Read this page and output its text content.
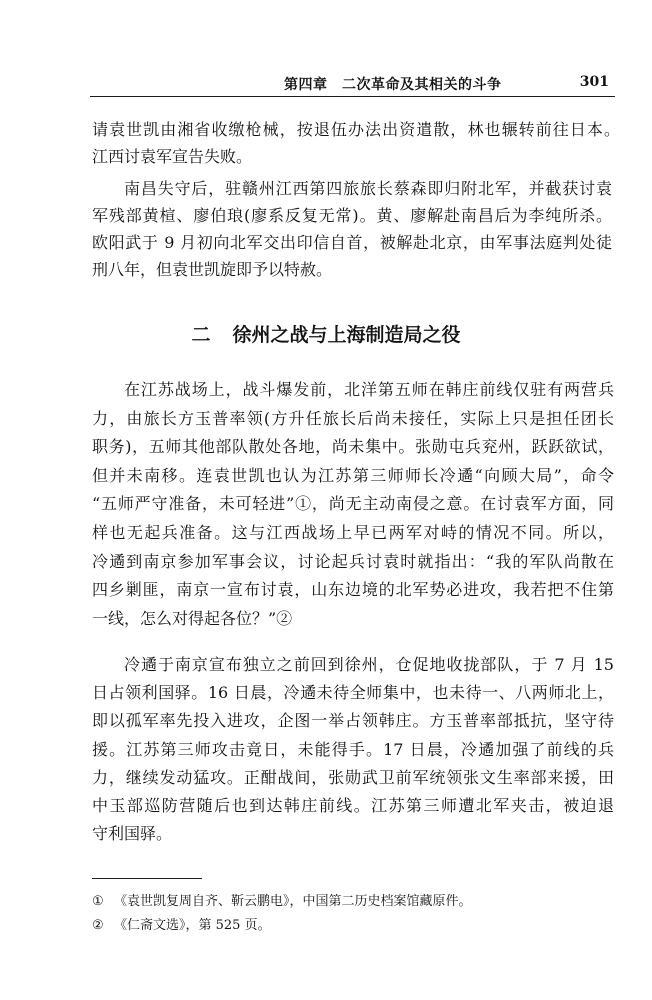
第四章　二次革命及其相关的斗争	301

请袁世凯由湘省收缴枪械，按退伍办法出资遣散，林也辗转前往日本。
江西讨袁军宣告失败。

南昌失守后，驻赣州江西第四旅旅长蔡森即归附北军，并截获讨袁
军残部黄楦、廖伯琅(廖系反复无常)。黄、廖解赴南昌后为李纯所杀。
欧阳武于 9 月初向北军交出印信自首，被解赴北京，由军事法庭判处徒
刑八年，但袁世凯旋即予以特赦。

二 徐州之战与上海制造局之役

在江苏战场上，战斗爆发前，北洋第五师在韩庄前线仅驻有两营兵
力，由旅长方玉普率领(方升任旅长后尚未接任，实际上只是担任团长
职务)，五师其他部队散处各地，尚未集中。张勋屯兵兖州，跃跃欲试，
但并未南移。连袁世凯也认为江苏第三师师长冷遹“向顾大局”，命令
“五师严守准备，未可轻进”①，尚无主动南侵之意。在讨袁军方面，同
样也无起兵准备。这与江西战场上早已两军对峙的情况不同。所以，
冷遹到南京参加军事会议，讨论起兵讨袁时就指出：“我的军队尚散在
四乡剿匪，南京一宣布讨袁，山东边境的北军势必进攻，我若把不住第
一线，怎么对得起各位？”②

冷遹于南京宣布独立之前回到徐州，仓促地收拢部队，于 7 月 15
日占领利国驿。16 日晨，冷遹未待全师集中，也未待一、八两师北上，
即以孤军率先投入进攻，企图一举占领韩庄。方玉普率部抵抗，坚守待
援。江苏第三师攻击竟日，未能得手。17 日晨，冷遹加强了前线的兵
力，继续发动猛攻。正酣战间，张勋武卫前军统领张文生率部来援，田
中玉部巡防营随后也到达韩庄前线。江苏第三师遭北军夹击，被迫退
守利国驿。

① 《袁世凯复周自齐、靳云鹏电》，中国第二历史档案馆藏原件。
② 《仁斋文选》，第 525 页。
